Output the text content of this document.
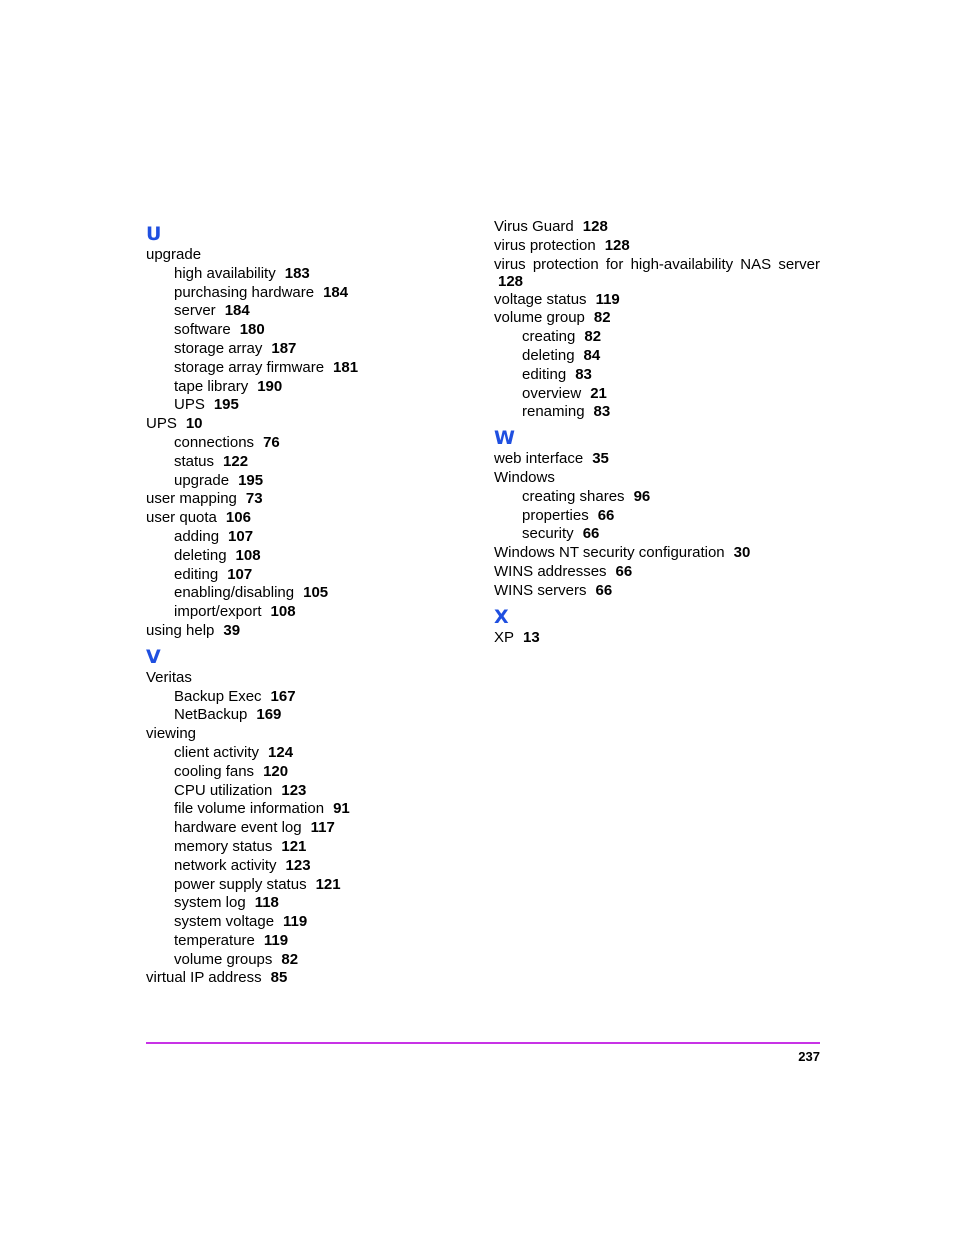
U
upgrade
high availability 183
purchasing hardware 184
server 184
software 180
storage array 187
storage array firmware 181
tape library 190
UPS 195
UPS 10
connections 76
status 122
upgrade 195
user mapping 73
user quota 106
adding 107
deleting 108
editing 107
enabling/disabling 105
import/export 108
using help 39
V
Veritas
Backup Exec 167
NetBackup 169
viewing
client activity 124
cooling fans 120
CPU utilization 123
file volume information 91
hardware event log 117
memory status 121
network activity 123
power supply status 121
system log 118
system voltage 119
temperature 119
volume groups 82
virtual IP address 85
Virus Guard 128
virus protection 128
virus protection for high-availability NAS server 128
voltage status 119
volume group 82
creating 82
deleting 84
editing 83
overview 21
renaming 83
W
web interface 35
Windows
creating shares 96
properties 66
security 66
Windows NT security configuration 30
WINS addresses 66
WINS servers 66
X
XP 13
237
